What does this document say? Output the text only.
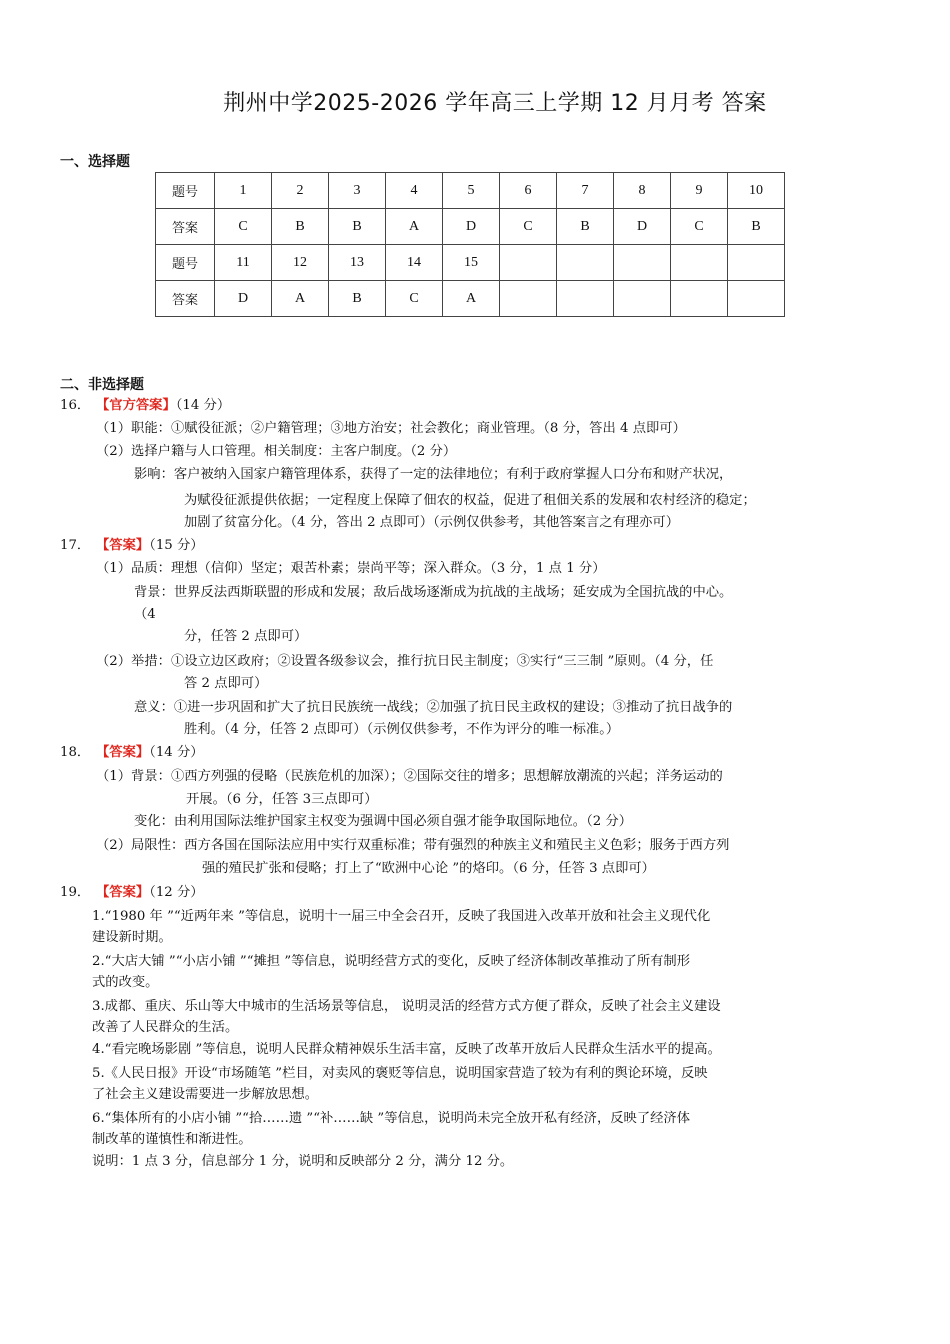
荆州中学2025-2026 学年高三上学期 12 月月考 答案
一、选择题
题号	1	2	3	4	5	6	7	8	9	10
答案	C	B	B	A	D	C	B	D	C	B
题号	11	12	13	14	15					
答案	D	A	B	C	A					
二、非选择题
16． 【官方答案】（14 分）
（1）职能：①赋役征派；②户籍管理；③地方治安；社会教化；商业管理。（8 分，答出 4 点即可）
（2）选择户籍与人口管理。相关制度：主客户制度。（2 分）
影响：客户被纳入国家户籍管理体系，获得了一定的法律地位；有利于政府掌握人口分布和财产状况，
为赋役征派提供依据；一定程度上保障了佃农的权益，促进了租佃关系的发展和农村经济的稳定；
加剧了贫富分化。（4 分，答出 2 点即可）（示例仅供参考，其他答案言之有理亦可）
17． 【答案】（15 分）
（1）品质：理想（信仰）坚定；艰苦朴素；崇尚平等；深入群众。（3 分，1 点 1 分）
背景：世界反法西斯联盟的形成和发展；敌后战场逐渐成为抗战的主战场；延安成为全国抗战的中心。
（4
分，任答 2 点即可）
（2）举措：①设立边区政府；②设置各级参议会，推行抗日民主制度；③实行“三三制 ”原则。（4 分，任
答 2 点即可）
意义：①进一步巩固和扩大了抗日民族统一战线；②加强了抗日民主政权的建设；③推动了抗日战争的
胜利。（4 分，任答 2 点即可）（示例仅供参考，不作为评分的唯一标准。）
18． 【答案】（14 分）
（1）背景：①西方列强的侵略（民族危机的加深）；②国际交往的增多；思想解放潮流的兴起；洋务运动的
开展。（6 分，任答 3三点即可）
变化：由利用国际法维护国家主权变为强调中国必须自强才能争取国际地位。（2 分）
（2）局限性：西方各国在国际法应用中实行双重标准；带有强烈的种族主义和殖民主义色彩；服务于西方列
强的殖民扩张和侵略；打上了“欧洲中心论 ”的烙印。（6 分，任答 3 点即可）
19． 【答案】（12 分）
1.“1980 年 ”“近两年来 ”等信息，说明十一届三中全会召开，反映了我国进入改革开放和社会主义现代化
建设新时期。
2.“大店大铺 ”“小店小铺 ”“摊担 ”等信息，说明经营方式的变化，反映了经济体制改革推动了所有制形
式的改变。
3.成都、重庆、乐山等大中城市的生活场景等信息， 说明灵活的经营方式方便了群众，反映了社会主义建设
改善了人民群众的生活。
4.“看完晚场影剧 ”等信息，说明人民群众精神娱乐生活丰富，反映了改革开放后人民群众生活水平的提高。
5.《人民日报》开设“市场随笔 ”栏目，对卖风的褒贬等信息，说明国家营造了较为有利的舆论环境，反映
了社会主义建设需要进一步解放思想。
6.“集体所有的小店小铺 ”“拾……遗 ”“补……缺 ”等信息，说明尚未完全放开私有经济，反映了经济体
制改革的谨慎性和渐进性。
说明：1 点 3 分，信息部分 1 分，说明和反映部分 2 分，满分 12 分。
